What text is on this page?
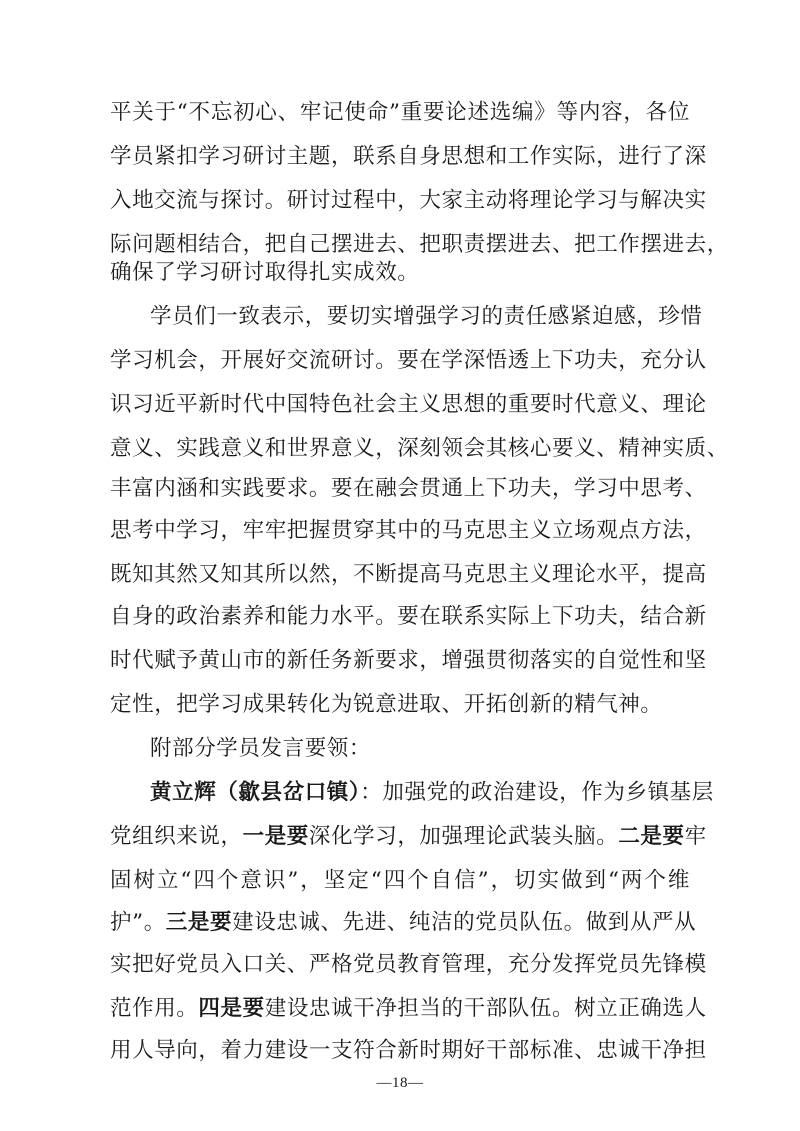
平关于“不忘初心、牢记使命”重要论述选编》等内容，各位
学员紧扣学习研讨主题，联系自身思想和工作实际，进行了深
入地交流与探讨。研讨过程中，大家主动将理论学习与解决实
际问题相结合，把自己摆进去、把职责摆进去、把工作摆进去，
确保了学习研讨取得扎实成效。
学员们一致表示，要切实增强学习的责任感紧迫感，珍惜
学习机会，开展好交流研讨。要在学深悟透上下功夫，充分认
识习近平新时代中国特色社会主义思想的重要时代意义、理论
意义、实践意义和世界意义，深刻领会其核心要义、精神实质、
丰富内涵和实践要求。要在融会贯通上下功夫，学习中思考、
思考中学习，牢牢把握贯穿其中的马克思主义立场观点方法，
既知其然又知其所以然，不断提高马克思主义理论水平，提高
自身的政治素养和能力水平。要在联系实际上下功夫，结合新
时代赋予黄山市的新任务新要求，增强贯彻落实的自觉性和坚
定性，把学习成果转化为锐意进取、开拓创新的精气神。
附部分学员发言要领：
黄立辉（歙县岔口镇）：加强党的政治建设，作为乡镇基层
党组织来说，一是要深化学习，加强理论武装头脑。二是要牢
固树立“四个意识”，坚定“四个自信”，切实做到“两个维
护”。三是要建设忠诚、先进、纯洁的党员队伍。做到从严从
实把好党员入口关、严格党员教育管理，充分发挥党员先锋模
范作用。四是要建设忠诚干净担当的干部队伍。树立正确选人
用人导向，着力建设一支符合新时期好干部标准、忠诚干净担
—18—
